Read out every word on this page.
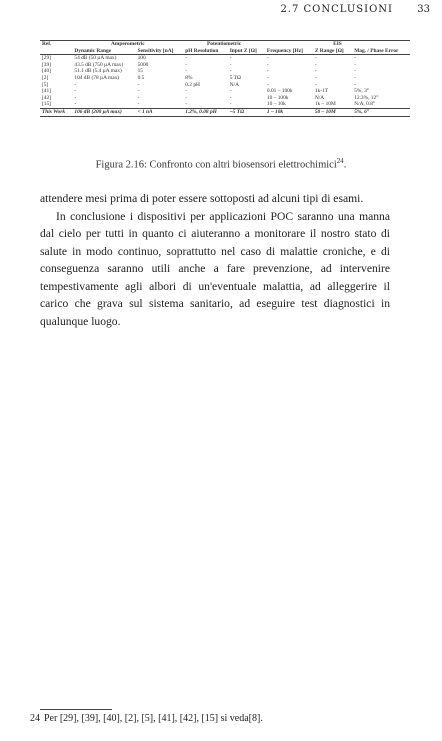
2.7 CONCLUSIONI 33
Ref.	Amperometric		Potentiometric		EIS		
	Dynamic Range	Sensitivity [nA]	pH Resolution	Input Z [Ω]	Frequency [Hz]	Z Range [Ω]	Mag. / Phase Error
[29]	54 dB (50 µA max)	100	-	-	-	-	-
[39]	43.5 dB (750 µA max)	5000	-	-	-	-	-
[40]	51.1 dB (5.4 µA max)	15	-	-	-	-	-
[2]	104 dB (78 µA max)	0.5	8%	5 TΩ	-	-	-
[5]	-	-	0.2 pH	N/A	-	-	-
[41]	-	-	-	-	0.01 – 100k	1k-1T	5%, 3°
[42]	-	-	-	-	10 – 100k	N/A	12.3%, 12°
[15]	-	-	-	-	10 – 10k	1k – 10M	N/A, 0.8°
This Work	106 dB (200 µA max)	< 1 nA	1.2%, 0.08 pH	~5 TΩ	1 – 10k	50 – 10M	5%, 6°
Figura 2.16: Confronto con altri biosensori elettrochimici$^{24}$.

attendere mesi prima di poter essere sottoposti ad alcuni tipi di esami.

In conclusione i dispositivi per applicazioni POC saranno una manna dal cielo per tutti in quanto ci aiuteranno a monitorare il nostro stato di salute in modo continuo, soprattutto nel caso di malattie croniche, e di conseguenza saranno utili anche a fare prevenzione, ad intervenire tempestivamente agli albori di un'eventuale malattia, ad alleggerire il carico che grava sul sistema sanitario, ad eseguire test diagnostici in qualunque luogo.

24 Per [29], [39], [40], [2], [5], [41], [42], [15] si veda[8].
